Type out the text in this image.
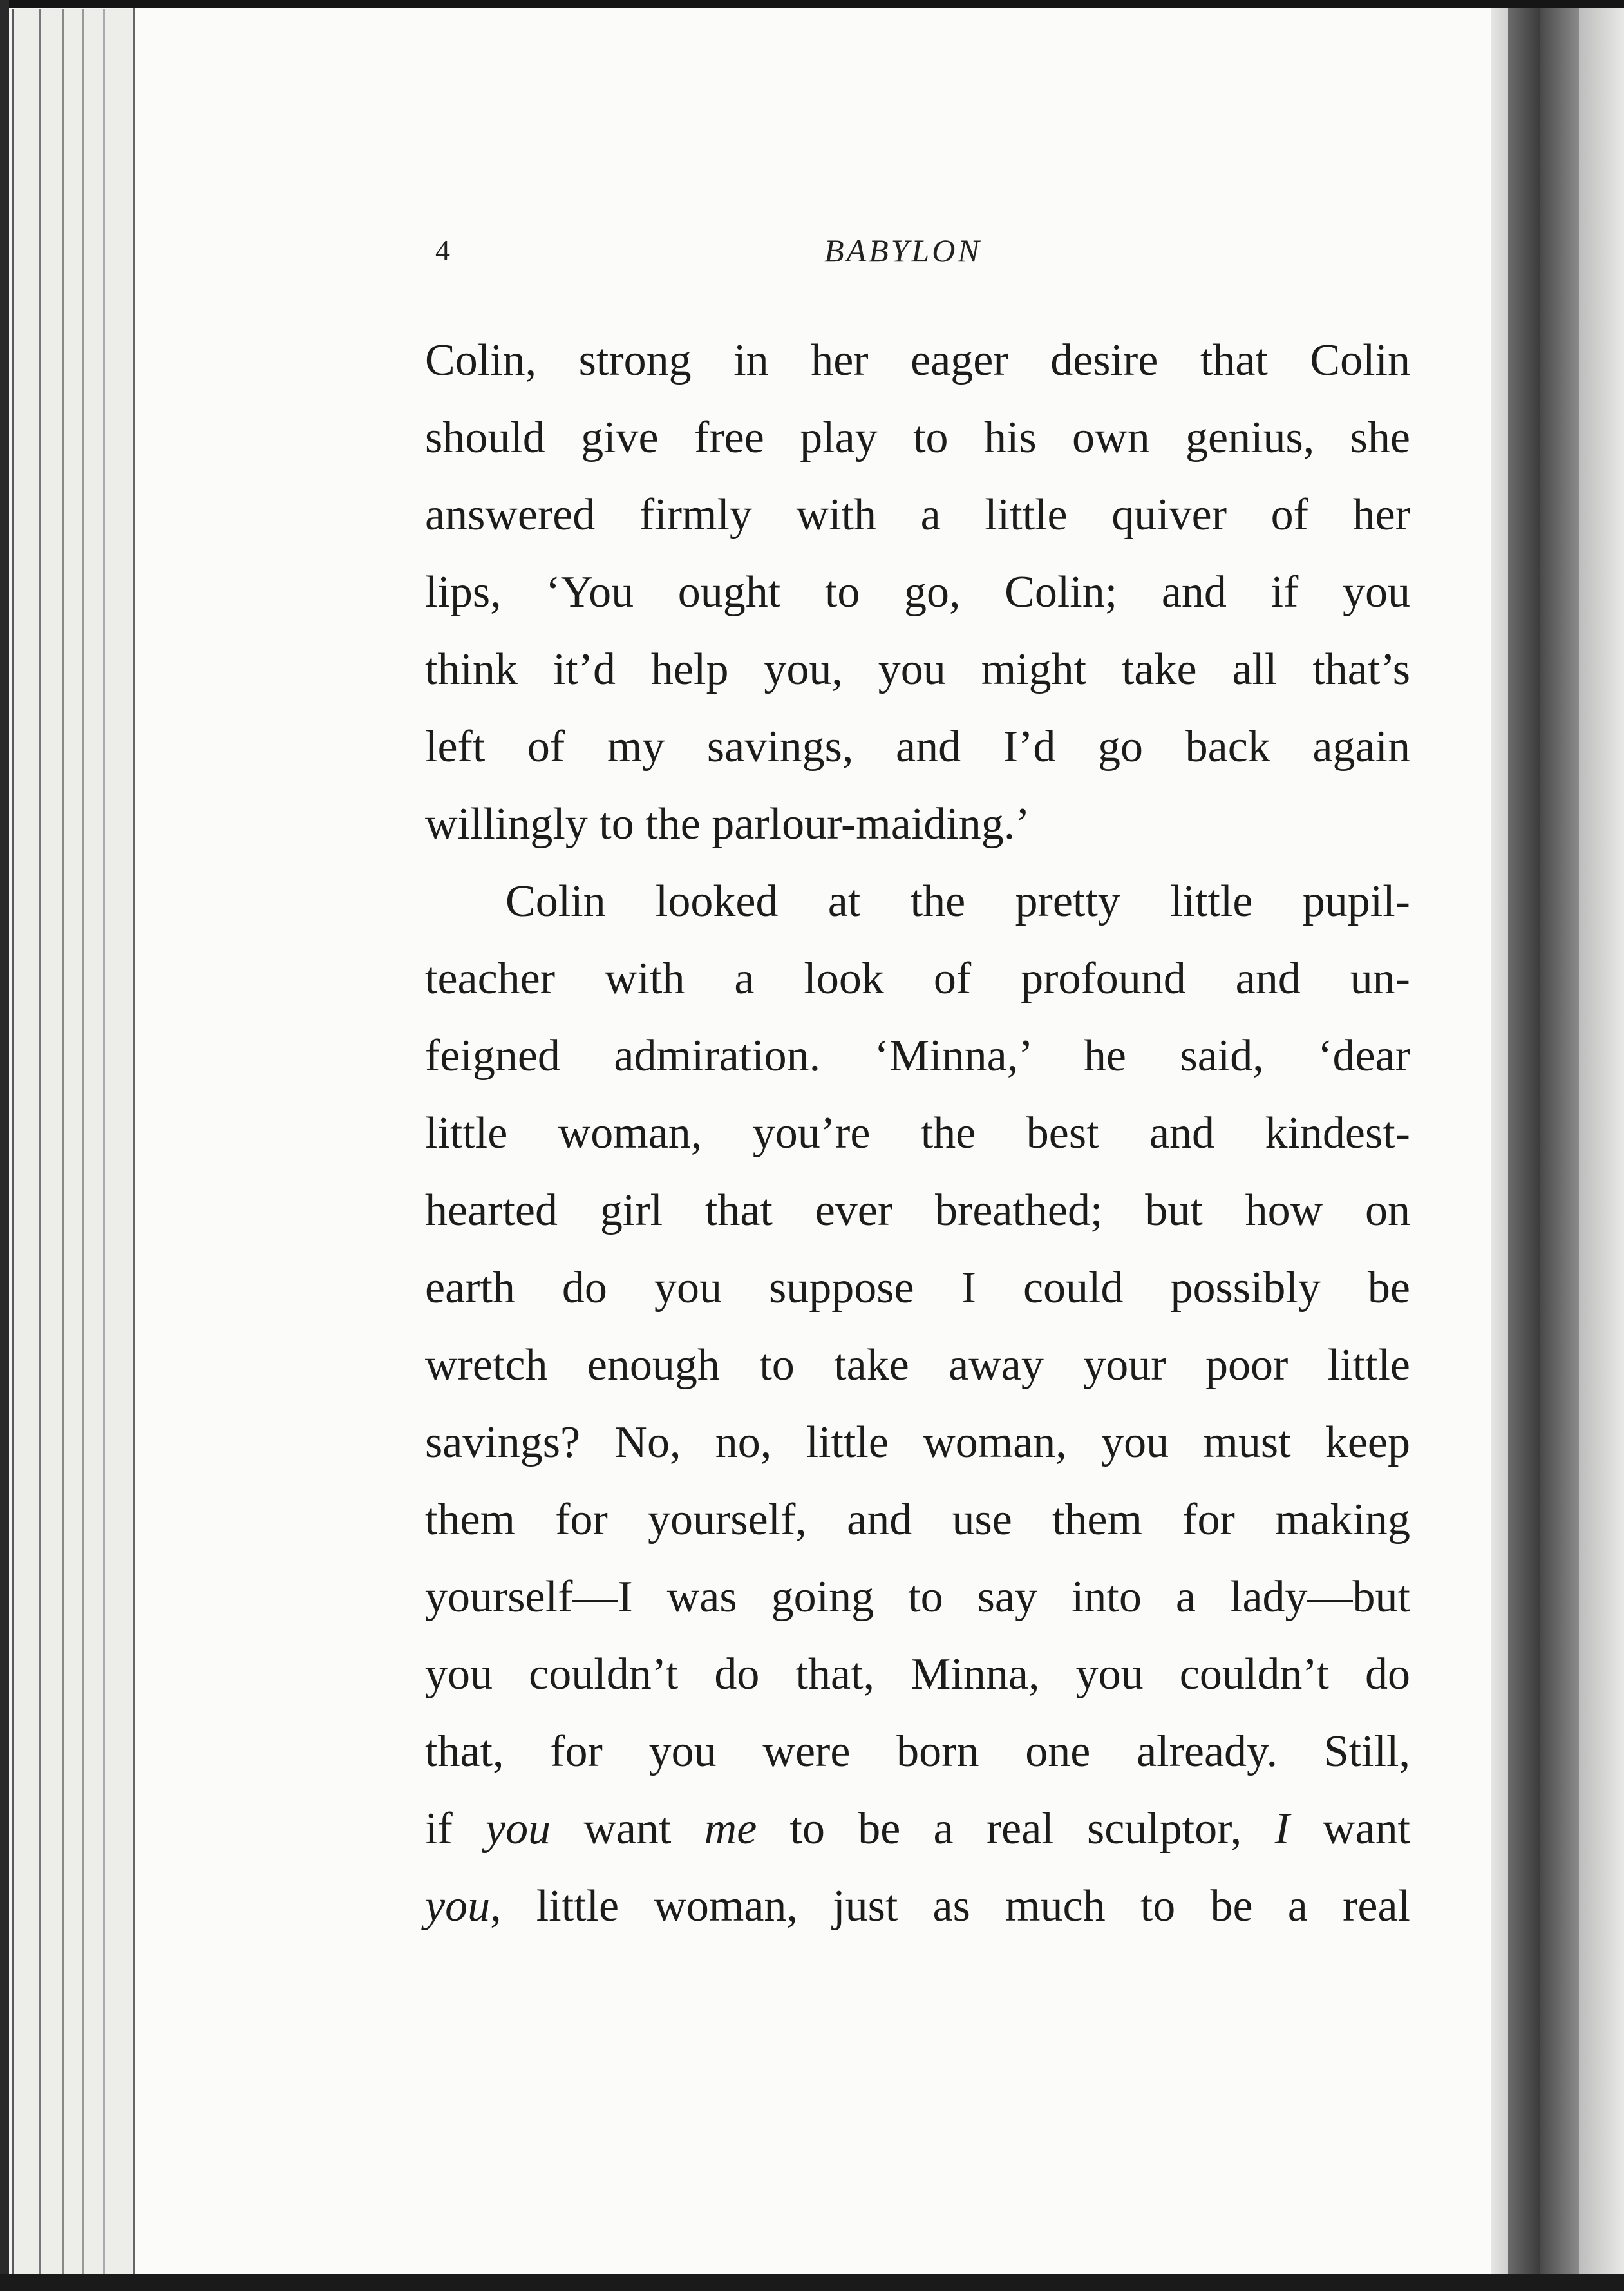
4	BABYLON
Colin, strong in her eager desire that Colin
should give free play to his own genius, she
answered firmly with a little quiver of her
lips, ‘You ought to go, Colin; and if you
think it’d help you, you might take all that’s
left of my savings, and I’d go back again
willingly to the parlour-maiding.’
Colin looked at the pretty little pupil-
teacher with a look of profound and un-
feigned admiration. ‘Minna,’ he said, ‘dear
little woman, you’re the best and kindest-
hearted girl that ever breathed; but how on
earth do you suppose I could possibly be
wretch enough to take away your poor little
savings? No, no, little woman, you must keep
them for yourself, and use them for making
yourself—I was going to say into a lady—but
you couldn’t do that, Minna, you couldn’t do
that, for you were born one already. Still,
if you want me to be a real sculptor, I want
you, little woman, just as much to be a real
